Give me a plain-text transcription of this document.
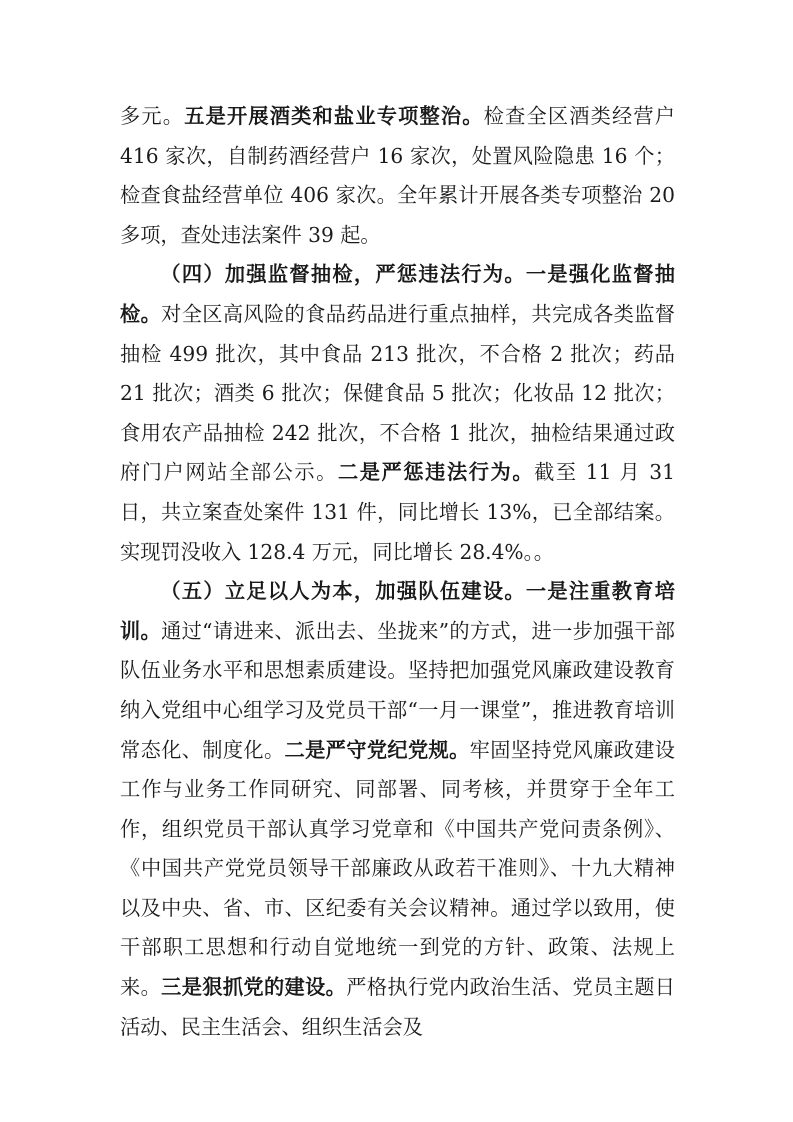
多元。五是开展酒类和盐业专项整治。检查全区酒类经营户 416 家次，自制药酒经营户 16 家次，处置风险隐患 16 个；检查食盐经营单位 406 家次。全年累计开展各类专项整治 20 多项，查处违法案件 39 起。

（四）加强监督抽检，严惩违法行为。一是强化监督抽检。对全区高风险的食品药品进行重点抽样，共完成各类监督抽检 499 批次，其中食品 213 批次，不合格 2 批次；药品 21 批次；酒类 6 批次；保健食品 5 批次；化妆品 12 批次；食用农产品抽检 242 批次，不合格 1 批次，抽检结果通过政府门户网站全部公示。二是严惩违法行为。截至 11 月 31 日，共立案查处案件 131 件，同比增长 13%，已全部结案。实现罚没收入 128.4 万元，同比增长 28.4%。。

（五）立足以人为本，加强队伍建设。一是注重教育培训。通过“请进来、派出去、坐拢来”的方式，进一步加强干部队伍业务水平和思想素质建设。坚持把加强党风廉政建设教育纳入党组中心组学习及党员干部“一月一课堂”，推进教育培训常态化、制度化。二是严守党纪党规。牢固坚持党风廉政建设工作与业务工作同研究、同部署、同考核，并贯穿于全年工作，组织党员干部认真学习党章和《中国共产党问责条例》、《中国共产党党员领导干部廉政从政若干准则》、十九大精神以及中央、省、市、区纪委有关会议精神。通过学以致用，使干部职工思想和行动自觉地统一到党的方针、政策、法规上来。三是狠抓党的建设。严格执行党内政治生活、党员主题日活动、民主生活会、组织生活会及
